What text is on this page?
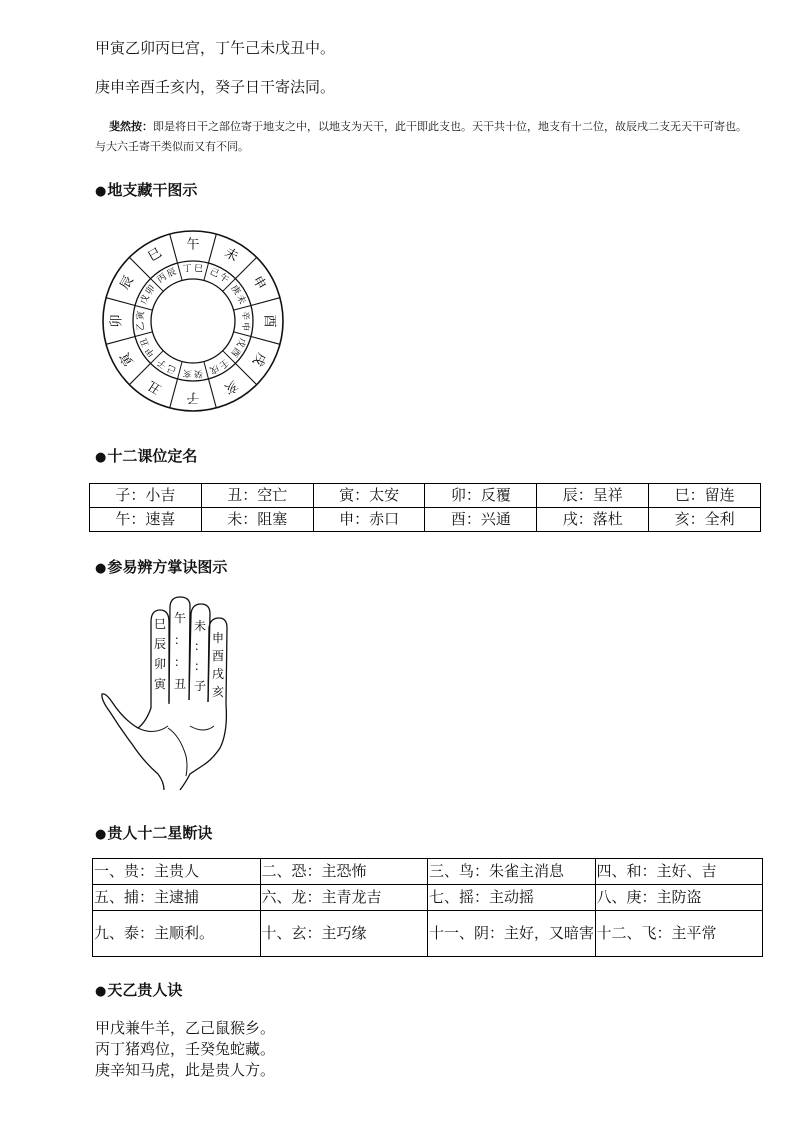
甲寅乙卯丙巳宫，丁午己未戊丑中。
庚申辛酉壬亥内，癸子日干寄法同。
斐然按：即是将日干之部位寄于地支之中，以地支为天干，此干即此支也。天干共十位，地支有十二位，故辰戌二支无天干可寄也。与大六壬寄干类似而又有不同。
●地支藏干图示
午
丁 巳
未
己
午 申
庚
未
酉
辛
申
戌
戊
酉
亥
壬
戌
子
癸
亥
丑
己
子
寅 甲
丑
卯 乙
寅
辰
戊
卯
巳
丙
辰
●十二课位定名
子：小吉	丑：空亡	寅：太安	卯：反覆	辰：呈祥	巳：留连
午：速喜	未：阻塞	申：赤口	酉：兴通	戌：落杜	亥：全利
●参易辨方掌诀图示
巳
辰
卯
寅
午
：
：
丑
未
：
：
子
申
酉
戌
亥
●贵人十二星断诀
一、贵：主贵人	二、恐：主恐怖	三、鸟：朱雀主消息	四、和：主好、吉
五、捕：主逮捕	六、龙：主青龙吉	七、摇：主动摇	八、庚：主防盗
九、泰：主顺利。	十、玄：主巧缘	十一、阴：主好，又暗害	十二、飞：主平常
●天乙贵人诀
甲戊兼牛羊，乙己鼠猴乡。
丙丁猪鸡位，壬癸兔蛇藏。
庚辛知马虎，此是贵人方。
